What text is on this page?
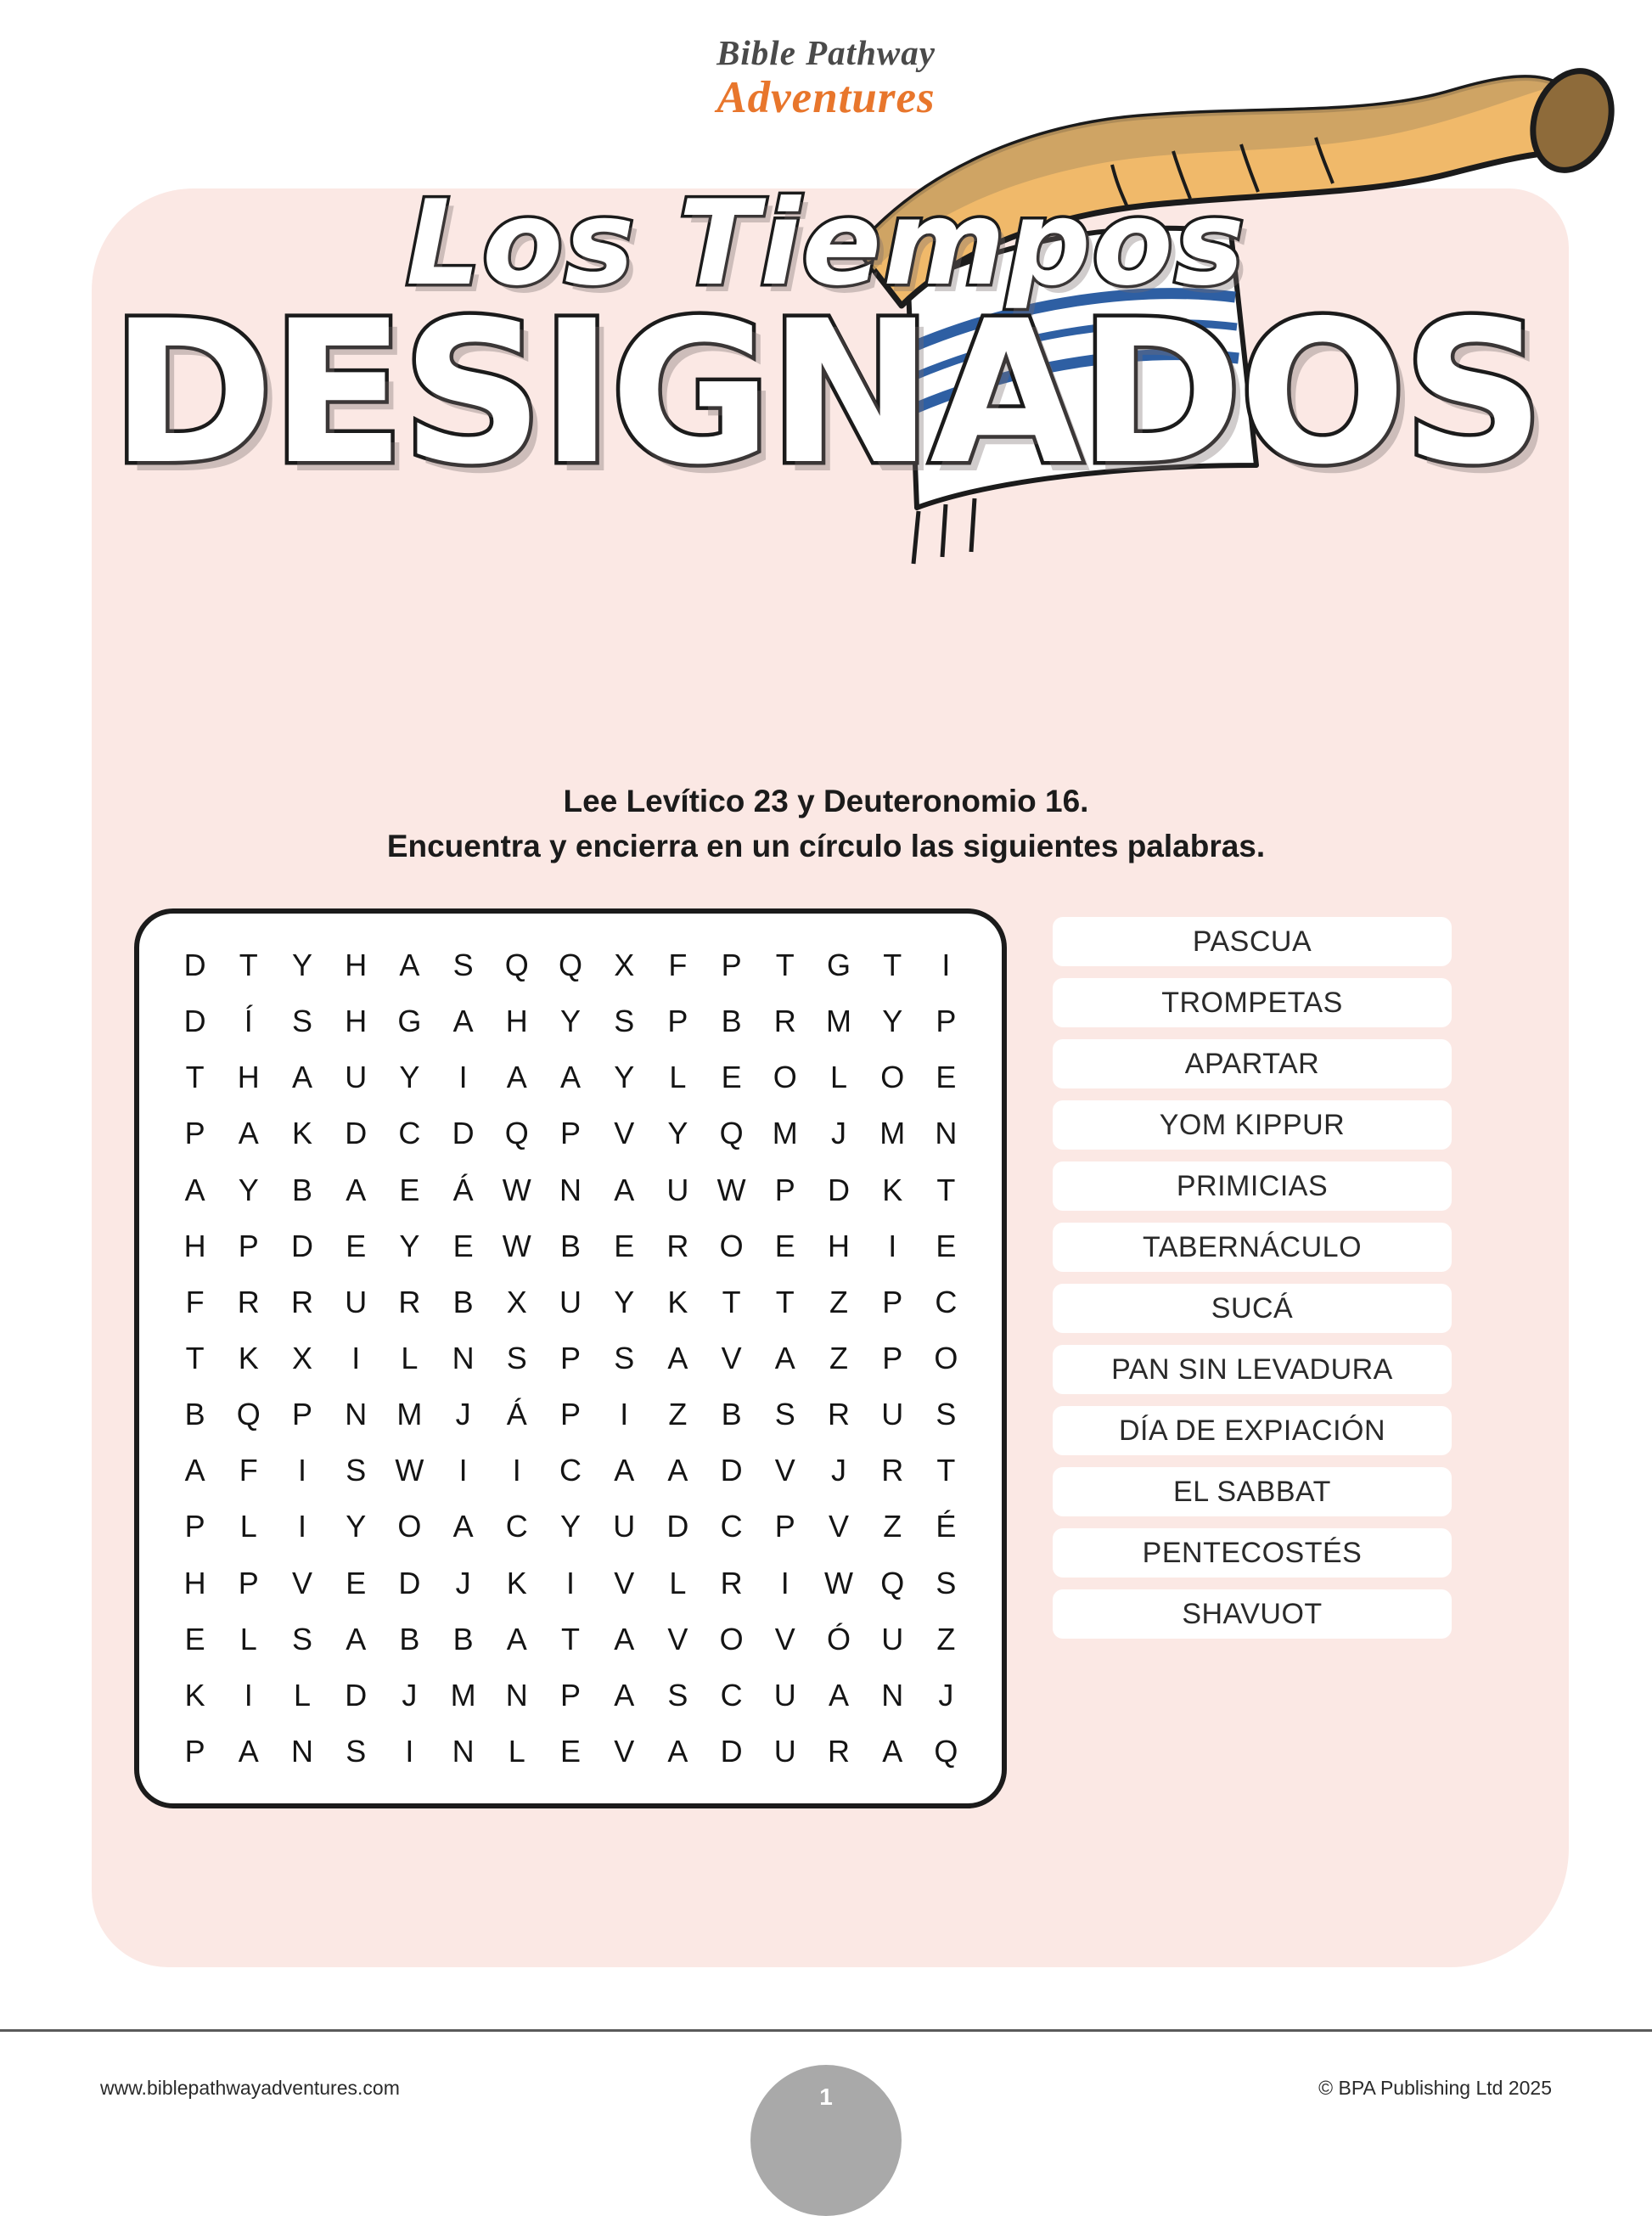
Bible Pathway
Adventures
Los Tiempos
DESIGNADOS
Lee Levítico 23 y Deuteronomio 16.
Encuentra y encierra en un círculo las siguientes palabras.
D T Y H A S Q Q X F P T G T I
D Í S H G A H Y S P B R M Y P
T H A U Y I A A Y L E O L O E
P A K D C D Q P V Y Q M J M N
A Y B A E Á W N A U W P D K T
H P D E Y E W B E R O E H I E
F R R U R B X U Y K T T Z P C
T K X I L N S P S A V A Z P O
B Q P N M J Á P I Z B S R U S
A F I S W I I C A A D V J R T
P L I Y O A C Y U D C P V Z É
H P V E D J K I V L R I W Q S
E L S A B B A T A V O V Ó U Z
K I L D J M N P A S C U A N J
P A N S I N L E V A D U R A Q
PASCUA
TROMPETAS
APARTAR
YOM KIPPUR
PRIMICIAS
TABERNÁCULO
SUCÁ
PAN SIN LEVADURA
DÍA DE EXPIACIÓN
EL SABBAT
PENTECOSTÉS
SHAVUOT
www.biblepathwayadventures.com	1	© BPA Publishing Ltd 2025
